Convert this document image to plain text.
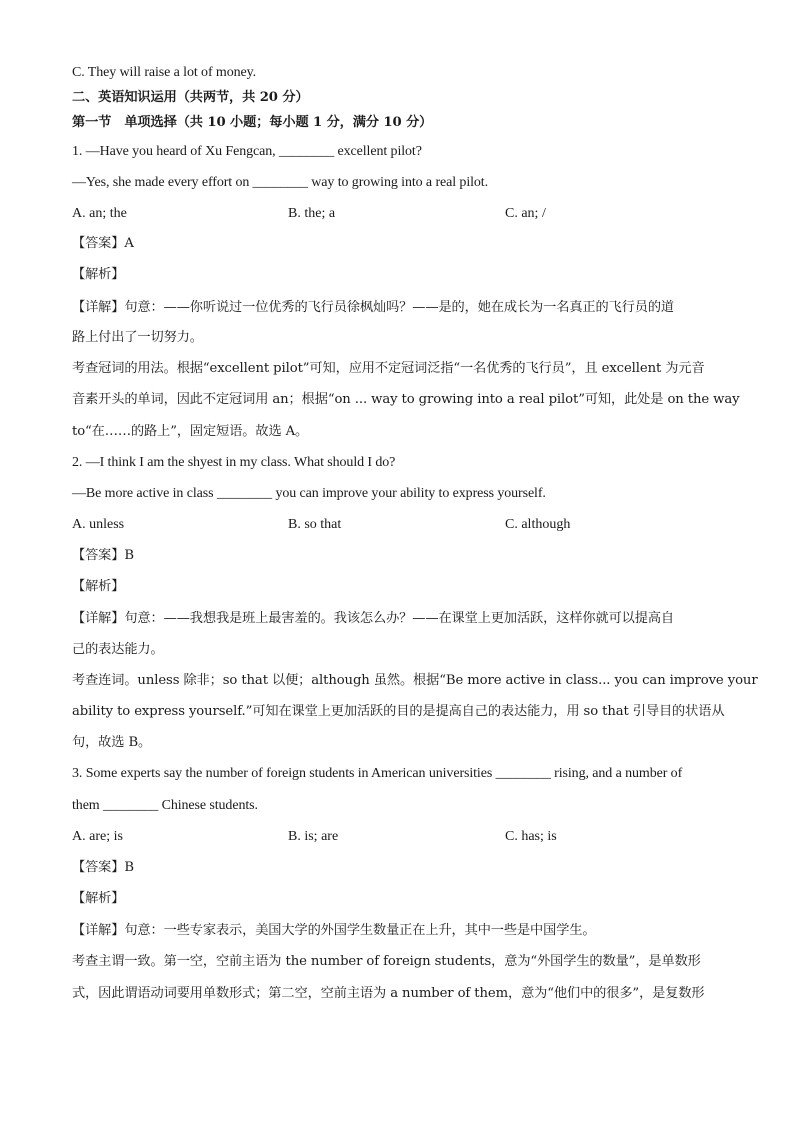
C. They will raise a lot of money.
二、英语知识运用（共两节，共 20 分）
第一节　单项选择（共 10 小题；每小题 1 分，满分 10 分）
1. —Have you heard of Xu Fengcan, ________ excellent pilot?
—Yes, she made every effort on ________ way to growing into a real pilot.
A. an; the	B. the; a	C. an; /
【答案】A
【解析】
【详解】句意：——你听说过一位优秀的飞行员徐枫灿吗？——是的，她在成长为一名真正的飞行员的道
路上付出了一切努力。
考查冠词的用法。根据“excellent pilot”可知，应用不定冠词泛指“一名优秀的飞行员”，且 excellent 为元音
音素开头的单词，因此不定冠词用 an；根据“on ... way to growing into a real pilot”可知，此处是 on the way
to“在……的路上”，固定短语。故选 A。
2. —I think I am the shyest in my class. What should I do?
—Be more active in class ________ you can improve your ability to express yourself.
A. unless	B. so that	C. although
【答案】B
【解析】
【详解】句意：——我想我是班上最害羞的。我该怎么办？——在课堂上更加活跃，这样你就可以提高自
己的表达能力。
考查连词。unless 除非；so that 以便；although 虽然。根据“Be more active in class... you can improve your
ability to express yourself.”可知在课堂上更加活跃的目的是提高自己的表达能力，用 so that 引导目的状语从
句，故选 B。
3. Some experts say the number of foreign students in American universities ________ rising, and a number of
them ________ Chinese students.
A. are; is	B. is; are	C. has; is
【答案】B
【解析】
【详解】句意：一些专家表示，美国大学的外国学生数量正在上升，其中一些是中国学生。
考查主谓一致。第一空，空前主语为 the number of foreign students，意为“外国学生的数量”，是单数形
式，因此谓语动词要用单数形式；第二空，空前主语为 a number of them，意为“他们中的很多”，是复数形
